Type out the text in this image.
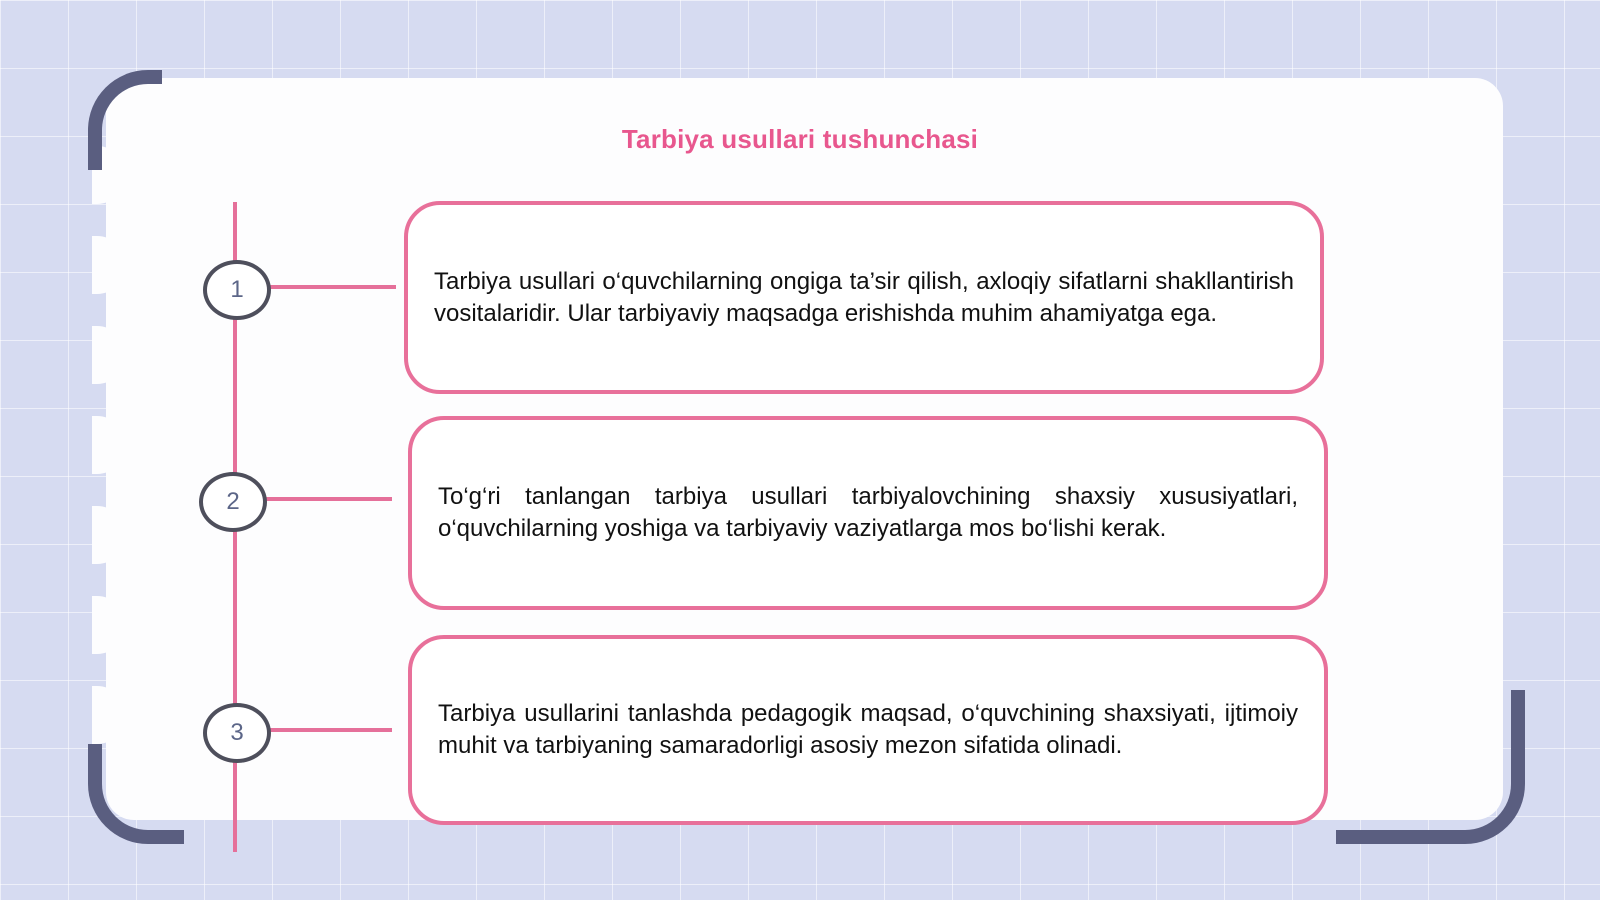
Tarbiya usullari tushunchasi
1
2
3

Tarbiya usullari o‘quvchilarning ongiga ta’sir qilish, axloqiy sifatlarni shakllantirish vositalaridir. Ular tarbiyaviy maqsadga erishishda muhim ahamiyatga ega.

To‘g‘ri tanlangan tarbiya usullari tarbiyalovchining shaxsiy xususiyatlari, o‘quvchilarning yoshiga va tarbiyaviy vaziyatlarga mos bo‘lishi kerak.

Tarbiya usullarini tanlashda pedagogik maqsad, o‘quvchining shaxsiyati, ijtimoiy muhit va tarbiyaning samaradorligi asosiy mezon sifatida olinadi.
